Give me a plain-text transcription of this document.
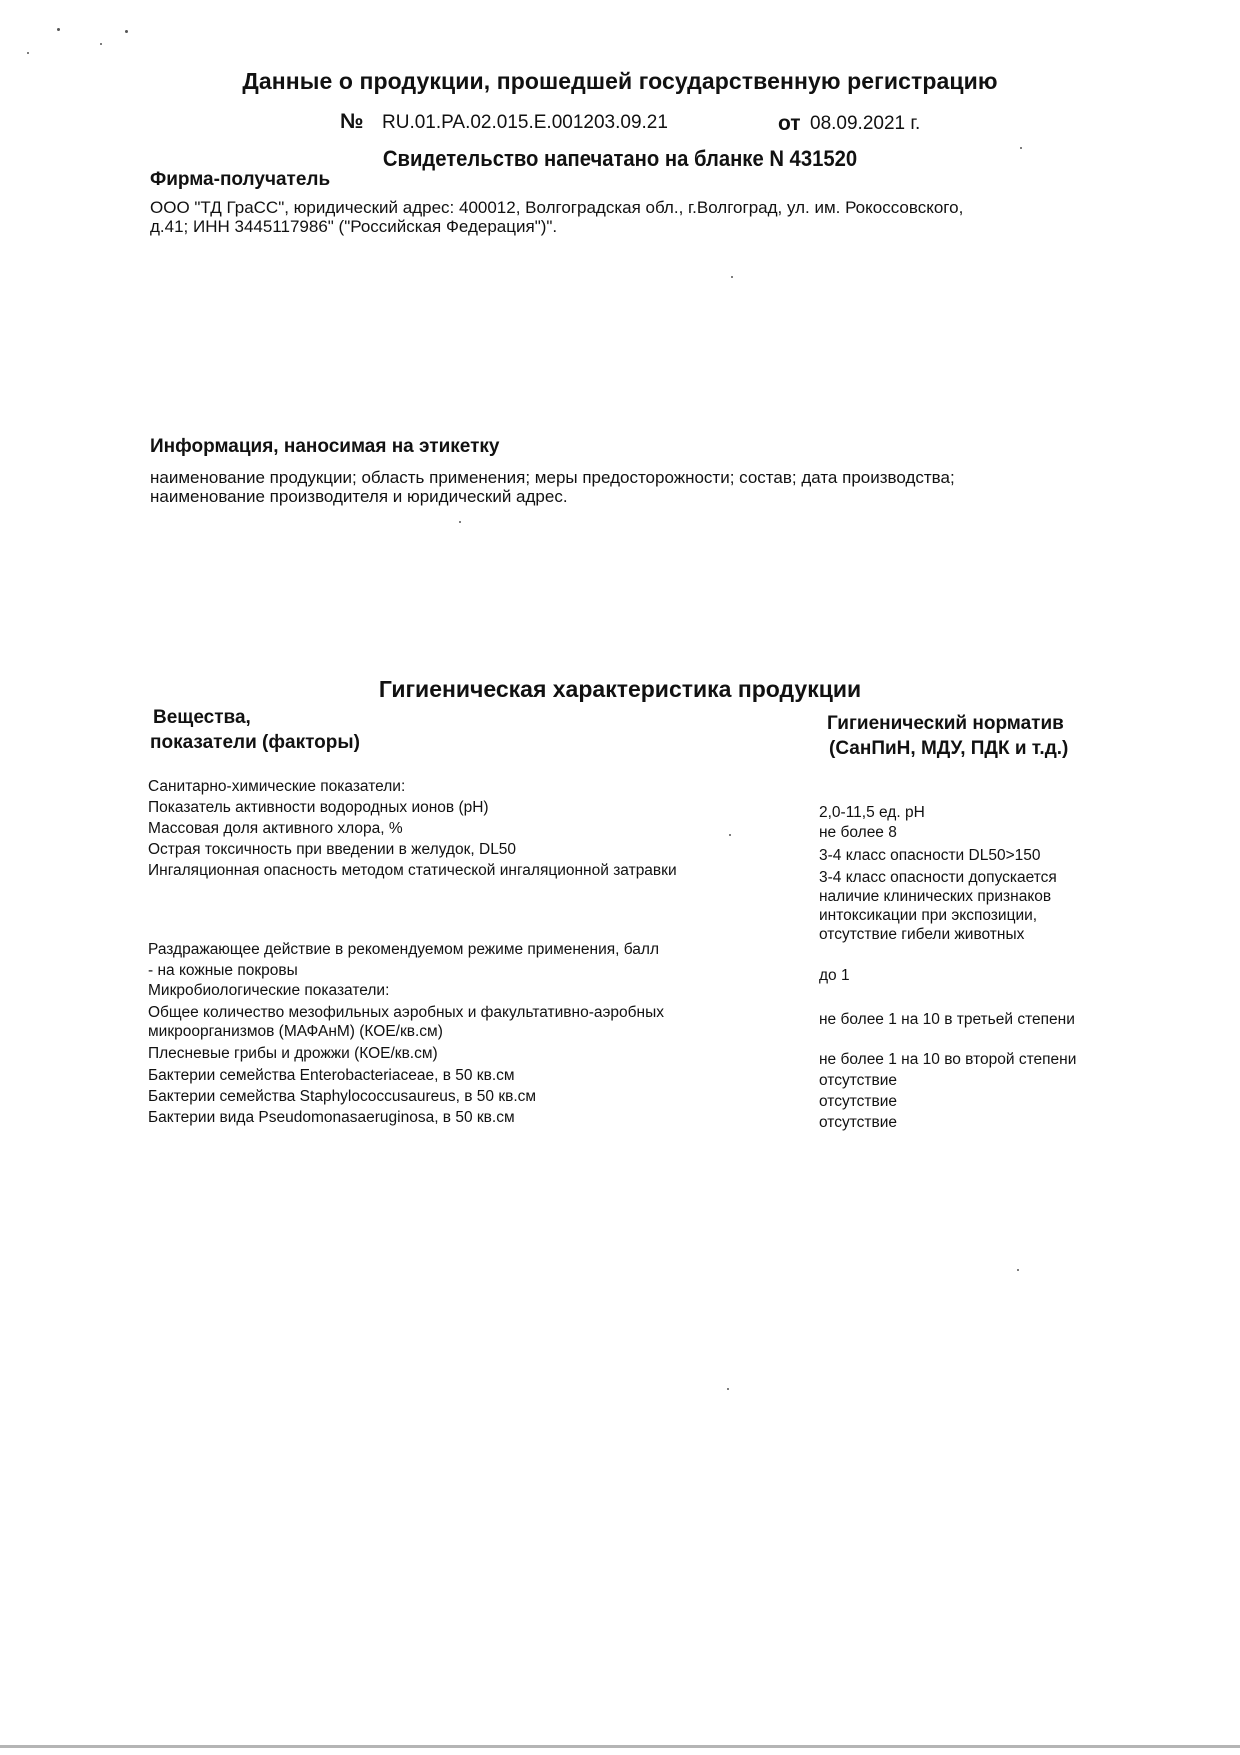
Данные о продукции, прошедшей государственную регистрацию
№ RU.01.PA.02.015.E.001203.09.21	от 08.09.2021 г.
Свидетельство напечатано на бланке N 431520
Фирма-получатель
ООО "ТД ГраСС", юридический адрес: 400012, Волгоградская обл., г.Волгоград, ул. им. Рокоссовского,
д.41; ИНН 3445117986" ("Российская Федерация")".
Информация, наносимая на этикетку
наименование продукции; область применения; меры предосторожности; состав; дата производства;
наименование производителя и юридический адрес.
Гигиеническая характеристика продукции
Вещества,
показатели (факторы)
Гигиенический норматив
(СанПиН, МДУ, ПДК и т.д.)
Санитарно-химические показатели:
Показатель активности водородных ионов (pH)
Массовая доля активного хлора, %
Острая токсичность при введении в желудок, DL50
Ингаляционная опасность методом статической ингаляционной затравки
Раздражающее действие в рекомендуемом режиме применения, балл
- на кожные покровы
Микробиологические показатели:
Общее количество мезофильных аэробных и факультативно-аэробных
микроорганизмов (МАФАнМ) (КОЕ/кв.см)
Плесневые грибы и дрожжи (КОЕ/кв.см)
Бактерии семейства Enterobacteriaceae, в 50 кв.см
Бактерии семейства Staphylococcusaureus, в 50 кв.см
Бактерии вида Pseudomonasaeruginosa, в 50 кв.см
2,0-11,5 ед. pH
не более 8
3-4 класс опасности DL50>150
3-4 класс опасности допускается
наличие клинических признаков
интоксикации при экспозиции,
отсутствие гибели животных
до 1
не более 1 на 10 в третьей степени
не более 1 на 10 во второй степени
отсутствие
отсутствие
отсутствие
